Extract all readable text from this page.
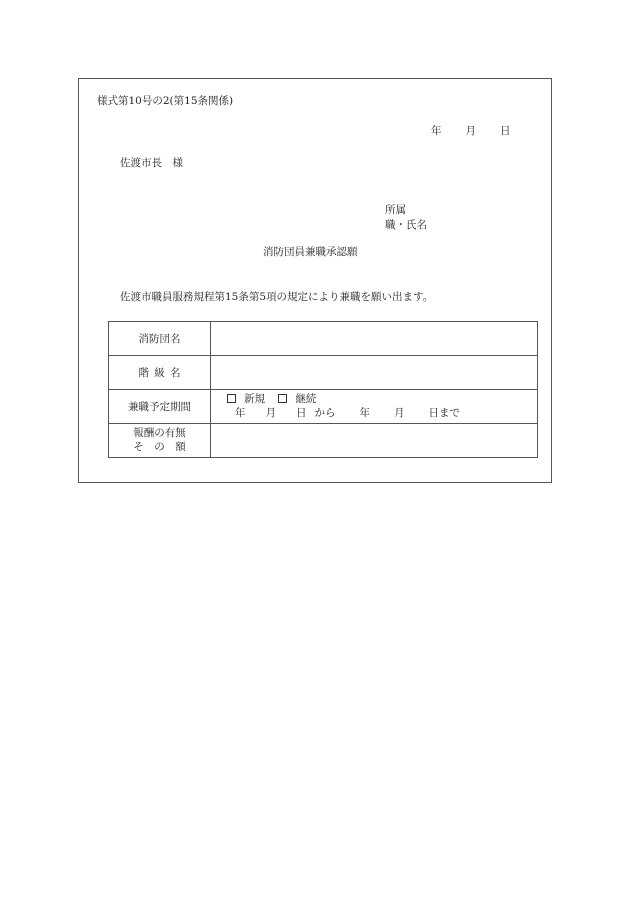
様式第10号の2(第15条関係)
年 月 日
佐渡市長　様
所属
職・氏名
消防団員兼職承認願
佐渡市職員服務規程第15条第5項の規定により兼職を願い出ます。
消防団名	
階級名	
兼職予定期間	新規 継続
年 月 日 から 年 月 日まで

報酬の有無
そ　の　額	
